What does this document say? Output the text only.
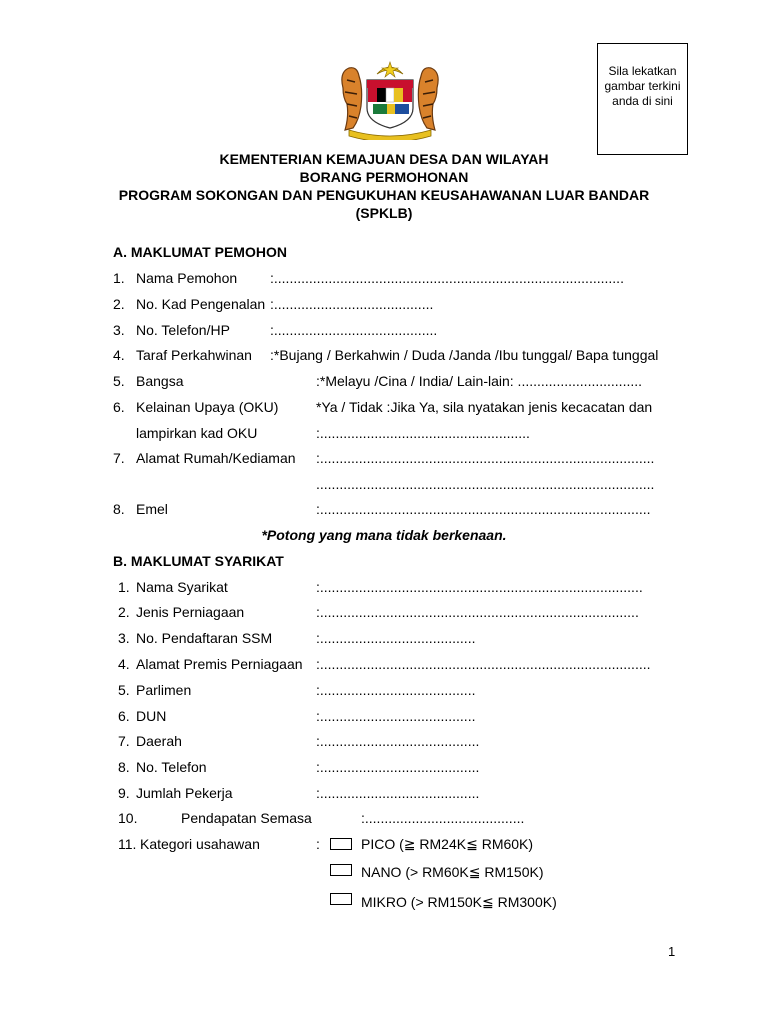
Sila lekatkan gambar terkini anda di sini
KEMENTERIAN KEMAJUAN DESA DAN WILAYAH
BORANG PERMOHONAN
PROGRAM SOKONGAN DAN PENGUKUHAN KEUSAHAWANAN LUAR BANDAR
(SPKLB)
A. MAKLUMAT PEMOHON
1. Nama Pemohon :..........................................................................................
2. No. Kad Pengenalan :.........................................
3. No. Telefon/HP	:..........................................
4. Taraf Perkahwinan :*Bujang / Berkahwin / Duda /Janda /Ibu tunggal/ Bapa tunggal
5. Bangsa	:*Melayu /Cina / India/ Lain-lain: ................................
6. Kelainan Upaya (OKU)	*Ya / Tidak :Jika Ya, sila nyatakan jenis kecacatan dan
lampirkan kad OKU	:......................................................
7. Alamat Rumah/Kediaman :......................................................................................
.......................................................................................
8. Emel	:.....................................................................................
*Potong yang mana tidak berkenaan.
B. MAKLUMAT SYARIKAT
1. Nama Syarikat	:...................................................................................
2. Jenis Perniagaan	:..................................................................................
3. No. Pendaftaran SSM	:........................................
4. Alamat Premis Perniagaan :.....................................................................................
5. Parlimen	:........................................
6. DUN	:........................................
7. Daerah	:.........................................
8. No. Telefon	:.........................................
9. Jumlah Pekerja	:.........................................
10.	Pendapatan Semasa	:.........................................
11. Kategori usahawan	:	PICO (≧ RM24K≦ RM60K)
NANO (> RM60K≦ RM150K)
MIKRO (> RM150K≦ RM300K)
1
